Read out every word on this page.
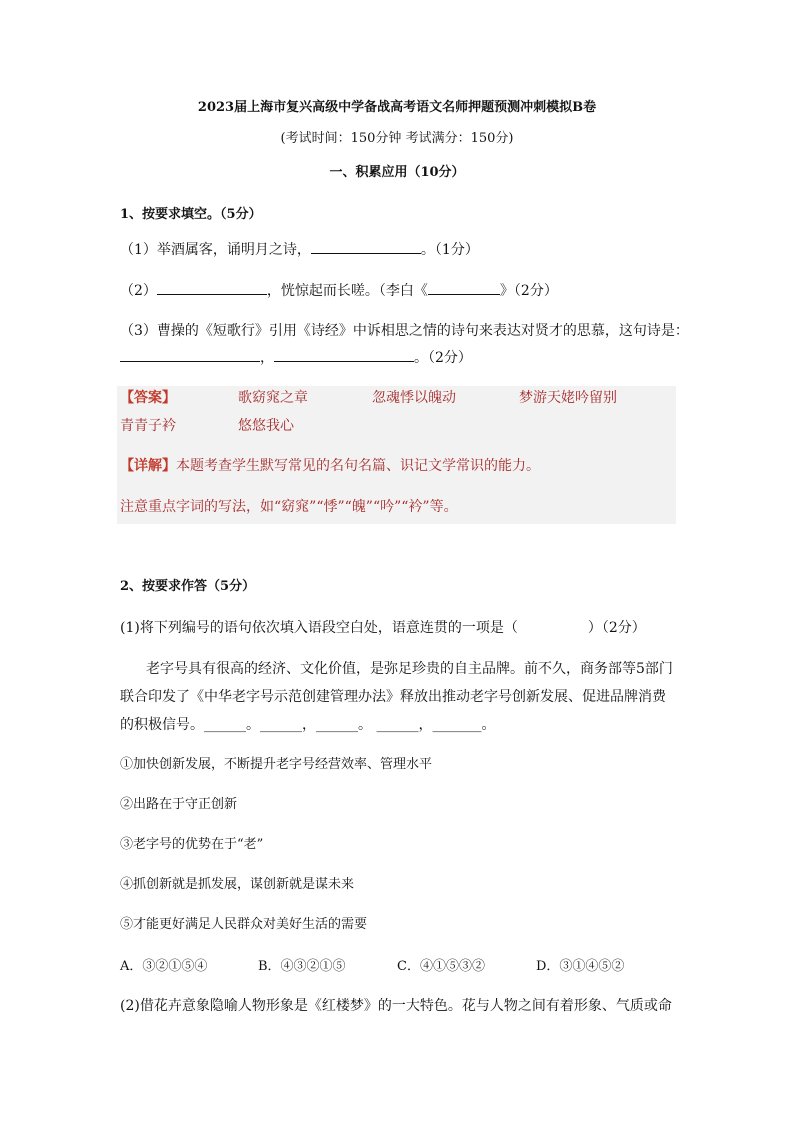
2023届上海市复兴高级中学备战高考语文名师押题预测冲刺模拟B卷
(考试时间：150分钟 考试满分：150分)
一、积累应用（10分）
1、按要求填空。（5分）
（1）举酒属客，诵明月之诗，	。（1分）
（2）	，恍惊起而长嗟。（李白《	》（2分）
（3）曹操的《短歌行》引用《诗经》中诉相思之情的诗句来表达对贤才的思慕，这句诗是：
，	。（2分）
【答案】	歌窈窕之章	忽魂悸以魄动	梦游天姥吟留别
青青子衿	悠悠我心
【详解】本题考查学生默写常见的名句名篇、识记文学常识的能力。
注意重点字词的写法，如“窈窕”“悸”“魄”“吟”“衿”等。
2、按要求作答（5分）
(1)将下列编号的语句依次填入语段空白处，语意连贯的一项是（	）（2分）
老字号具有很高的经济、文化价值，是弥足珍贵的自主品牌。前不久，商务部等5部门
联合印发了《中华老字号示范创建管理办法》释放出推动老字号创新发展、促进品牌消费
的积极信号。______。______，______。 ______，_______。
①加快创新发展，不断提升老字号经营效率、管理水平
②出路在于守正创新
③老字号的优势在于“老”
④抓创新就是抓发展，谋创新就是谋未来
⑤才能更好满足人民群众对美好生活的需要
A．③②①⑤④	B．④③②①⑤	C．④①⑤③②	D．③①④⑤②
(2)借花卉意象隐喻人物形象是《红楼梦》的一大特色。花与人物之间有着形象、气质或命
